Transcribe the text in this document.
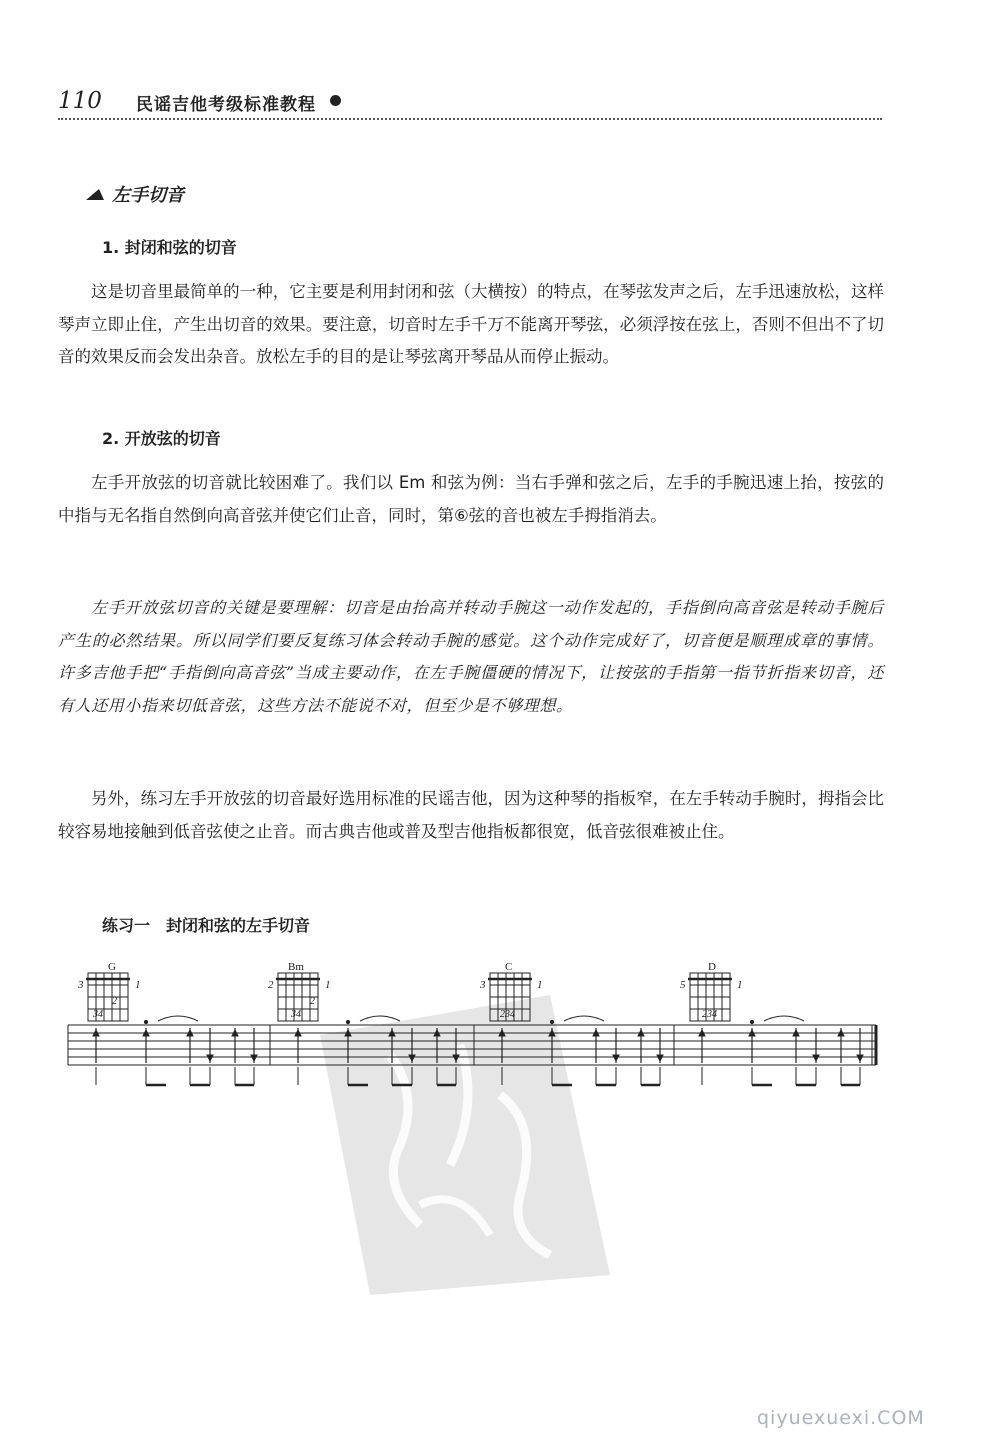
110 民谣吉他考级标准教程
左手切音
1. 封闭和弦的切音
这是切音里最简单的一种，它主要是利用封闭和弦（大横按）的特点，在琴弦发声之后，左手迅速放松，这样琴声立即止住，产生出切音的效果。要注意，切音时左手千万不能离开琴弦，必须浮按在弦上，否则不但出不了切音的效果反而会发出杂音。放松左手的目的是让琴弦离开琴品从而停止振动。
2. 开放弦的切音
左手开放弦的切音就比较困难了。我们以 Em 和弦为例：当右手弹和弦之后，左手的手腕迅速上抬，按弦的中指与无名指自然倒向高音弦并使它们止音，同时，第⑥弦的音也被左手拇指消去。
左手开放弦切音的关键是要理解：切音是由抬高并转动手腕这一动作发起的，手指倒向高音弦是转动手腕后产生的必然结果。所以同学们要反复练习体会转动手腕的感觉。这个动作完成好了，切音便是顺理成章的事情。许多吉他手把“手指倒向高音弦”当成主要动作，在左手腕僵硬的情况下，让按弦的手指第一指节折指来切音，还有人还用小指来切低音弦，这些方法不能说不对，但至少是不够理想。
另外，练习左手开放弦的切音最好选用标准的民谣吉他，因为这种琴的指板窄，在左手转动手腕时，拇指会比较容易地接触到低音弦使之止音。而古典吉他或普及型吉他指板都很宽，低音弦很难被止住。
练习一　封闭和弦的左手切音
G
3	1
2
34
Bm
2	1
2
34
C
3	1
234
D
5	1
234
qiyuexuexi.COM
